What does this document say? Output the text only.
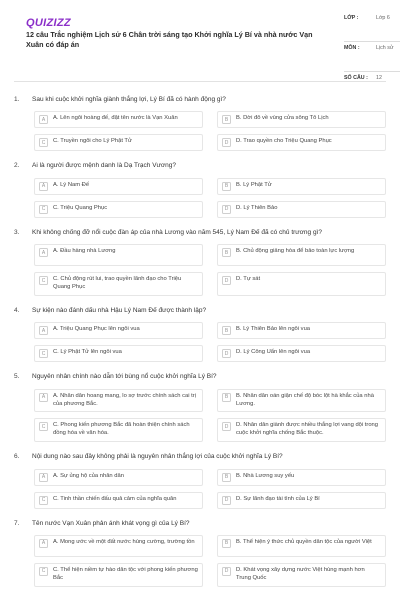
QUIZIZZ
12 câu Trắc nghiệm Lịch sử 6 Chân trời sáng tạo Khởi nghĩa Lý Bí và nhà nước Vạn Xuân có đáp án
LỚP :	Lớp 6
MÔN :	Lịch sử
SỐ CÂU :	12
1.	Sau khi cuộc khởi nghĩa giành thắng lợi, Lý Bí đã có hành động gì?
A	A. Lên ngôi hoàng đế, đặt tên nước là Vạn Xuân	B	B. Dời đô về vùng cửa sông Tô Lịch
C	C. Truyền ngôi cho Lý Phật Tử	D	D. Trao quyền cho Triệu Quang Phục
2.	Ai là người được mệnh danh là Dạ Trạch Vương?
A	A. Lý Nam Đế	B	B. Lý Phật Tử
C	C. Triệu Quang Phục	D	D. Lý Thiên Bảo
3.	Khi không chống đỡ nổi cuộc đàn áp của nhà Lương vào năm 545, Lý Nam Đế đã có chủ trương gì?
A	A. Đầu hàng nhà Lương	B	B. Chủ động giảng hòa để bảo toàn lực lượng
C	C. Chủ động rút lui, trao quyền lãnh đạo cho Triệu Quang Phục
D	D. Tự sát
4.	Sự kiện nào đánh dấu nhà Hậu Lý Nam Đế được thành lập?
A	A. Triệu Quang Phục lên ngôi vua	B	B. Lý Thiên Bảo lên ngôi vua
C	C. Lý Phật Tử lên ngôi vua	D	D. Lý Công Uẩn lên ngôi vua
5.	Nguyên nhân chính nào dẫn tới bùng nổ cuộc khởi nghĩa Lý Bí?
A	A. Nhân dân hoang mang, lo sợ trước chính sách cai trị của phương Bắc.
B	B. Nhân dân oán giận chế độ bóc lột hà khắc của nhà Lương.
C	C. Phong kiến phương Bắc đã hoàn thiện chính sách đồng hóa về văn hóa.
D	D. Nhân dân giành được nhiều thắng lợi vang dội trong cuộc khởi nghĩa chống Bắc thuộc.
6.	Nội dung nào sau đây không phải là nguyên nhân thắng lợi của cuộc khởi nghĩa Lý Bí?
A	A. Sự ủng hộ của nhân dân	B	B. Nhà Lương suy yếu
C	C. Tinh thần chiến đấu quả cảm của nghĩa quân	D	D. Sự lãnh đạo tài tình của Lý Bí
7.	Tên nước Vạn Xuân phản ánh khát vọng gì của Lý Bí?
A	A. Mong ước về một đất nước hùng cường, trường tồn	B	B. Thể hiện ý thức chủ quyền dân tộc của người Việt
C	C. Thể hiện niềm tự hào dân tộc với phong kiến phương Bắc
D	D. Khát vọng xây dựng nước Việt hùng mạnh hơn Trung Quốc
